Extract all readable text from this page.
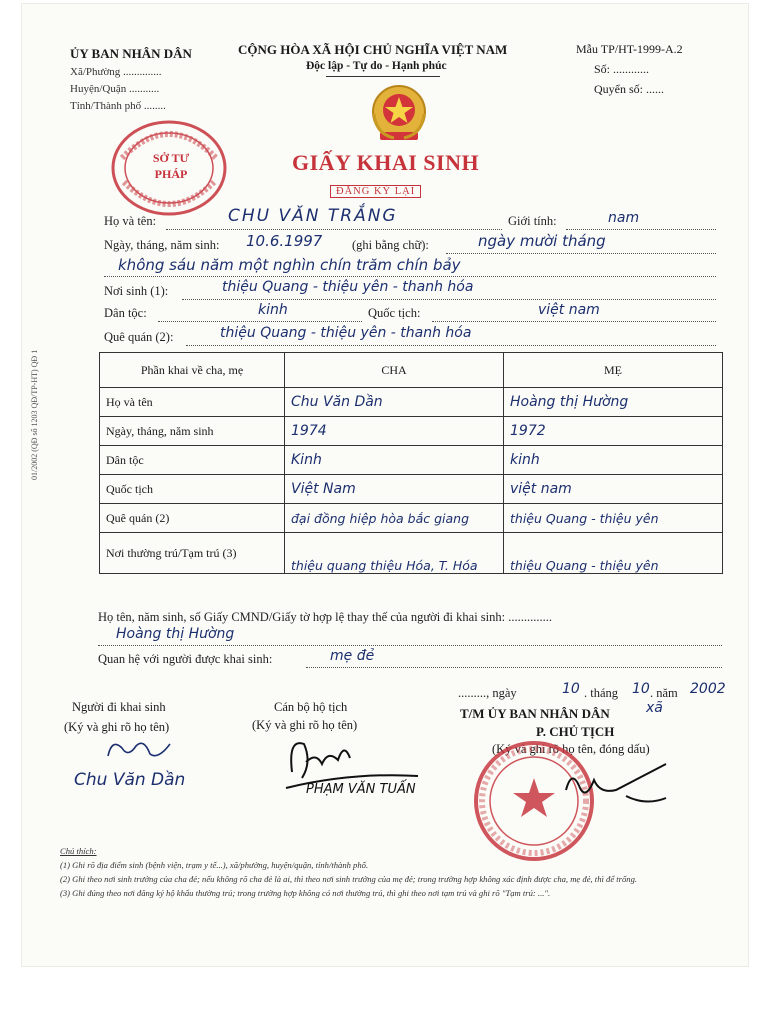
ỦY BAN NHÂN DÂN
Xã/Phường ..............
Huyện/Quận ...........
Tỉnh/Thành phố ........
CỘNG HÒA XÃ HỘI CHỦ NGHĨA VIỆT NAM
Độc lập - Tự do - Hạnh phúc
Mẫu TP/HT-1999-A.2
Số: ............
Quyển số: ......
SỞ TƯ PHÁP	GIẤY KHAI SINH
ĐĂNG KÝ LẠI
Họ và tên:	CHU VĂN TRẮNG	Giới tính:	nam
Ngày, tháng, năm sinh: 10.6.1997 (ghi bằng chữ):	ngày mười tháng
không sáu năm một nghìn chín trăm chín bảy
Nơi sinh (1):	thiệu Quang - thiệu yên - thanh hóa
Dân tộc:	kinh	Quốc tịch:	việt nam
Quê quán (2):	thiệu Quang - thiệu yên - thanh hóa
Phần khai về cha, mẹ	CHA	MẸ
Họ và tên	Chu Văn Dần	Hoàng thị Hường
Ngày, tháng, năm sinh	1974	1972
Dân tộc	Kinh	kinh
Quốc tịch	Việt Nam	việt nam
Quê quán (2)	đại đồng hiệp hòa bắc giang	thiệu Quang - thiệu yên
Nơi thường trú/Tạm trú (3)	thiệu quang thiệu Hóa, T. Hóa	thiệu Quang - thiệu yên
Họ tên, năm sinh, số Giấy CMND/Giấy tờ hợp lệ thay thế của người đi khai sinh: ..............
Hoàng thị Hường
Quan hệ với người được khai sinh:	mẹ đẻ
........., ngày	10 . tháng 10 . năm 2002
Người đi khai sinh
(Ký và ghi rõ họ tên)
Chu Văn Dần
Cán bộ hộ tịch
(Ký và ghi rõ họ tên)
PHẠM VĂN TUẤN
T/M ỦY BAN NHÂN DÂN	xã
P. CHỦ TỊCH
(Ký và ghi rõ họ tên, đóng dấu)
Chú thích:
(1) Ghi rõ địa điểm sinh (bệnh viện, trạm y tế...), xã/phường, huyện/quận, tỉnh/thành phố.
(2) Ghi theo nơi sinh trưởng của cha đẻ; nếu không rõ cha đẻ là ai, thì theo nơi sinh trưởng của mẹ đẻ; trong trường hợp không xác định được cha, mẹ đẻ, thì để trống.
(3) Ghi đúng theo nơi đăng ký hộ khẩu thường trú; trong trường hợp không có nơi thường trú, thì ghi theo nơi tạm trú và ghi rõ "Tạm trú: ...".
01/2002 (QĐ số 1203 QĐ/TP-HT) QĐ 1
